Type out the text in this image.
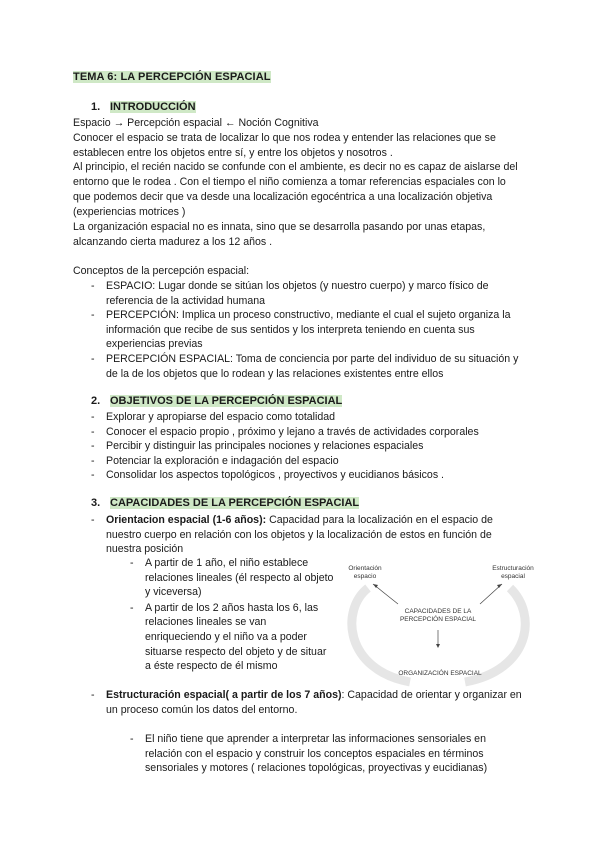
TEMA 6: LA PERCEPCIÓN ESPACIAL
1. INTRODUCCIÓN
Espacio → Percepción espacial ← Noción Cognitiva
Conocer el espacio se trata de localizar lo que nos rodea y entender las relaciones que se establecen entre los objetos entre sí, y entre los objetos y nosotros .
Al principio, el recién nacido se confunde con el ambiente, es decir no es capaz de aislarse del entorno que le rodea . Con el tiempo el niño comienza a tomar referencias espaciales con lo que podemos decir que va desde una localización egocéntrica a una localización objetiva (experiencias motrices )
La organización espacial no es innata, sino que se desarrolla pasando por unas etapas, alcanzando cierta madurez a los 12 años .
Conceptos de la percepción espacial:
- ESPACIO: Lugar donde se sitúan los objetos (y nuestro cuerpo) y marco físico de referencia de la actividad humana
- PERCEPCIÓN: Implica un proceso constructivo, mediante el cual el sujeto organiza la información que recibe de sus sentidos y los interpreta teniendo en cuenta sus experiencias previas
- PERCEPCIÓN ESPACIAL: Toma de conciencia por parte del individuo de su situación y de la de los objetos que lo rodean y las relaciones existentes entre ellos
2. OBJETIVOS DE LA PERCEPCIÓN ESPACIAL
- Explorar y apropiarse del espacio como totalidad
- Conocer el espacio propio , próximo y lejano a través de actividades corporales
- Percibir y distinguir las principales nociones y relaciones espaciales
- Potenciar la exploración e indagación del espacio
- Consolidar los aspectos topológicos , proyectivos y eucidianos básicos .
3. CAPACIDADES DE LA PERCEPCIÓN ESPACIAL
- Orientacion espacial (1-6 años): Capacidad para la localización en el espacio de nuestro cuerpo en relación con los objetos y la localización de estos en función de nuestra posición
- A partir de 1 año, el niño establece relaciones lineales (él respecto al objeto y viceversa)
- A partir de los 2 años hasta los 6, las relaciones lineales se van enriqueciendo y el niño va a poder situarse respecto del objeto y de situar a éste respecto de él mismo
- Estructuración espacial( a partir de los 7 años): Capacidad de orientar y organizar en un proceso común los datos del entorno.
- El niño tiene que aprender a interpretar las informaciones sensoriales en relación con el espacio y construir los conceptos espaciales en términos sensoriales y motores ( relaciones topológicas, proyectivas y eucidianas)
Orientación espacio
Estructuración espacial
CAPACIDADES DE LA PERCEPCIÓN ESPACIAL
ORGANIZACIÓN ESPACIAL
